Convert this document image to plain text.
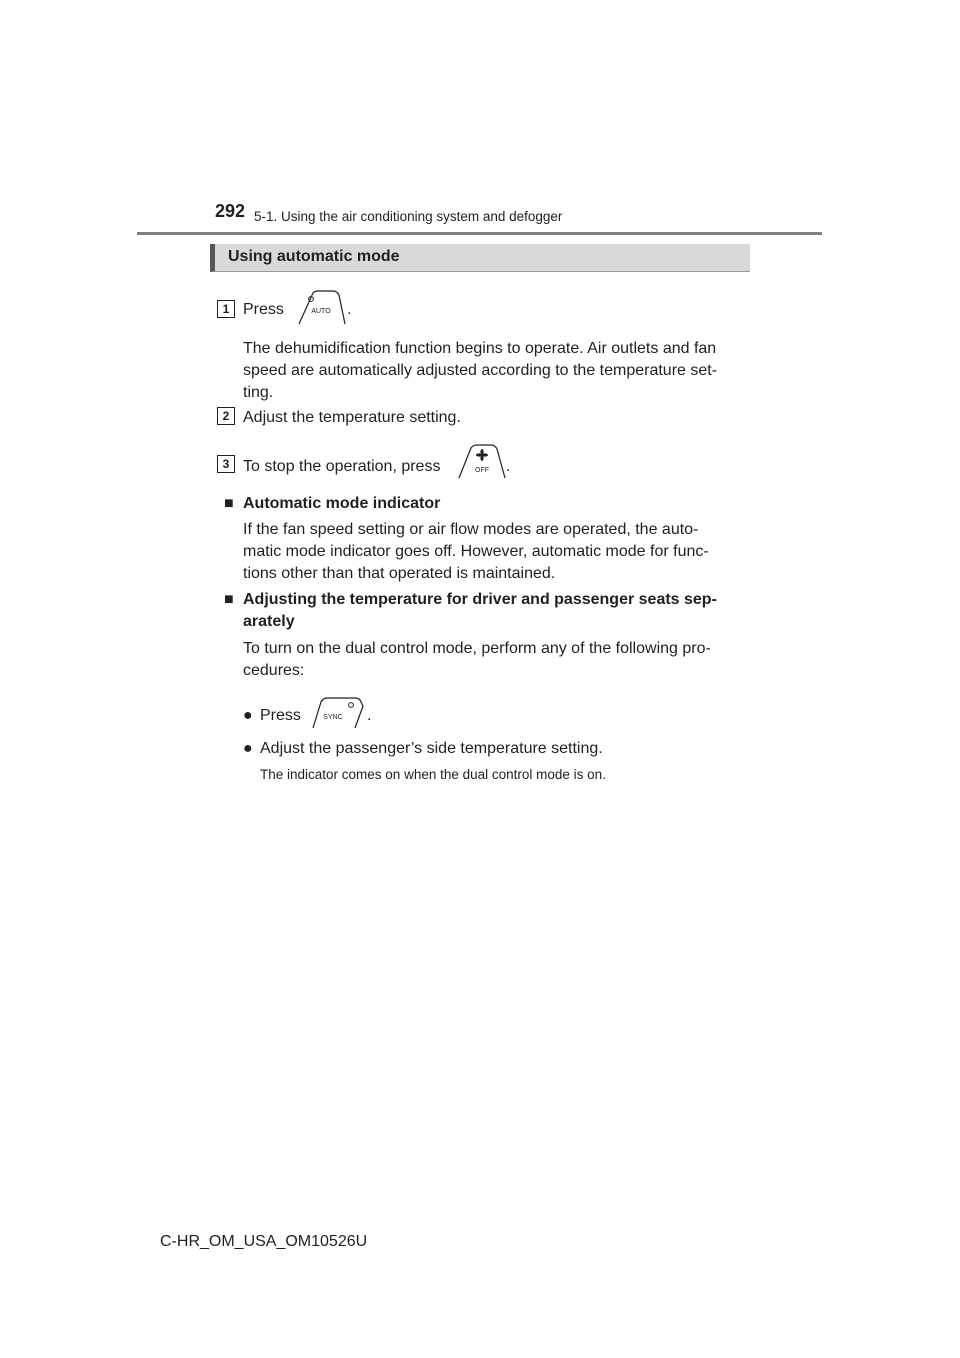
292 5-1. Using the air conditioning system and defogger
Using automatic mode
1 Press	AUTO .
The dehumidification function begins to operate. Air outlets and fan
speed are automatically adjusted according to the temperature set-
ting.
2 Adjust the temperature setting.
3 To stop the operation, press	OFF .
■ Automatic mode indicator
If the fan speed setting or air flow modes are operated, the auto-
matic mode indicator goes off. However, automatic mode for func-
tions other than that operated is maintained.
■ Adjusting the temperature for driver and passenger seats sep-
arately
To turn on the dual control mode, perform any of the following pro-
cedures:
● Press	SYNC .
● Adjust the passenger’s side temperature setting.
The indicator comes on when the dual control mode is on.
C-HR_OM_USA_OM10526U
